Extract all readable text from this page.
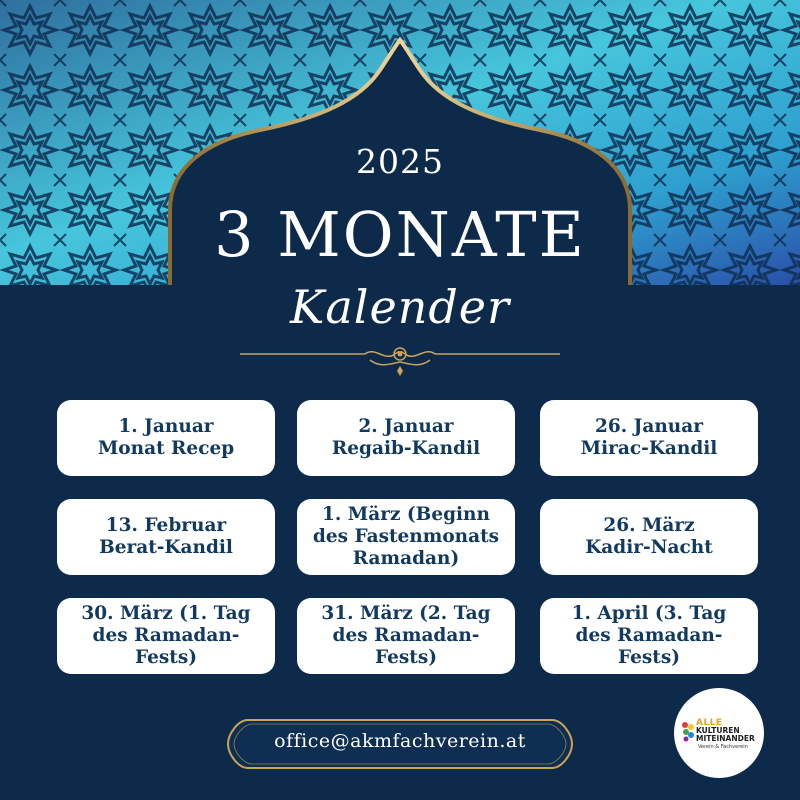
2025
3 MONATE
Kalender
1. Januar
Monat Recep
2. Januar
Regaib-Kandil
26. Januar
Mirac-Kandil
13. Februar
Berat-Kandil
1. März (Beginn
des Fastenmonats
Ramadan)
26. März
Kadir-Nacht
30. März (1. Tag
des Ramadan-
Fests)
31. März (2. Tag
des Ramadan-
Fests)
1. April (3. Tag
des Ramadan-
Fests)
office@akmfachverein.at
ALLE
KULTUREN
MITEINANDER
Verein & Fachverein
